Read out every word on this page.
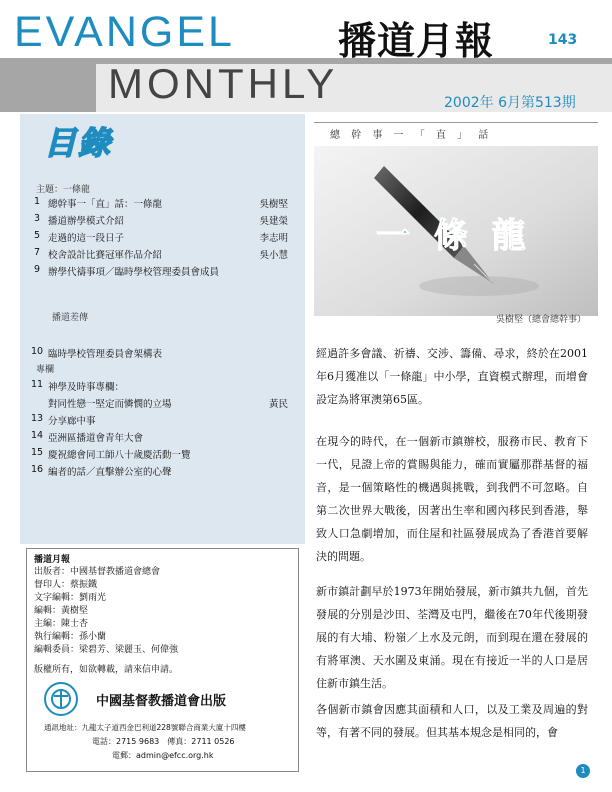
EVANGEL	播道月報	143
MONTHLY	2002年 6月第513期
目錄
主題：一條龍
1 總幹事一「直」話：一條龍	吳樹堅
3 播道辦學模式介紹	吳建榮
5 走過的這一段日子	李志明
7 校舍設計比賽冠軍作品介紹	吳小慧
9 辦學代禱事項／臨時學校管理委員會成員
播道差傳
10 臨時學校管理委員會架構表
專欄
11 神學及時事專欄：
對同性戀一堅定而憐憫的立場	黃民
13 分享廊中事
14 亞洲區播道會青年大會
15 慶祝總會同工師八十歲慶活動一覽
16 編者的話／直擊辦公室的心聲
播道月報
出版者：中國基督教播道會總會
督印人：蔡振鐵
文字編輯：劉雨光
編輯：黃樹堅
主編：陳士杏
執行編輯：孫小蘭
編輯委員：梁碧芳、梁麗玉、何偉強
版權所有，如欲轉載，請來信申請。
中國基督教播道會出版
通訊地址：九龍太子道西金巴利道228號聯合商業大廈十四樓
電話：2715 9683　傳真：2711 0526
電郵：admin@efcc.org.hk
總 幹 事 一 「 直 」 話
一 條 龍
吳樹堅（總會總幹事）
經過許多會議、祈禱、交涉、籌備、尋求，終於在2001年6月獲准以「一條龍」中小學，直資模式辦理，而增會設定為將軍澳第65區。
在現今的時代，在一個新市鎮辦校，服務市民、教育下一代，見證上帝的賞賜與能力，確而實屬那群基督的福音，是一個策略性的機遇與挑戰，到我們不可忽略。自第二次世界大戰後，因著出生率和國內移民到香港，舉致人口急劇增加，而住屋和社區發展成為了香港首要解決的問題。
新市鎮計劃早於1973年開始發展，新市鎮共九個，首先發展的分別是沙田、荃灣及屯門，繼後在70年代後期發展的有大埔、粉嶺／上水及元朗，而到現在還在發展的有將軍澳、天水圍及東涌。現在有接近一半的人口是居住新市鎮生活。
各個新市鎮會因應其面積和人口，以及工業及周遍的對等，有著不同的發展。但其基本規念是相同的，會
1
